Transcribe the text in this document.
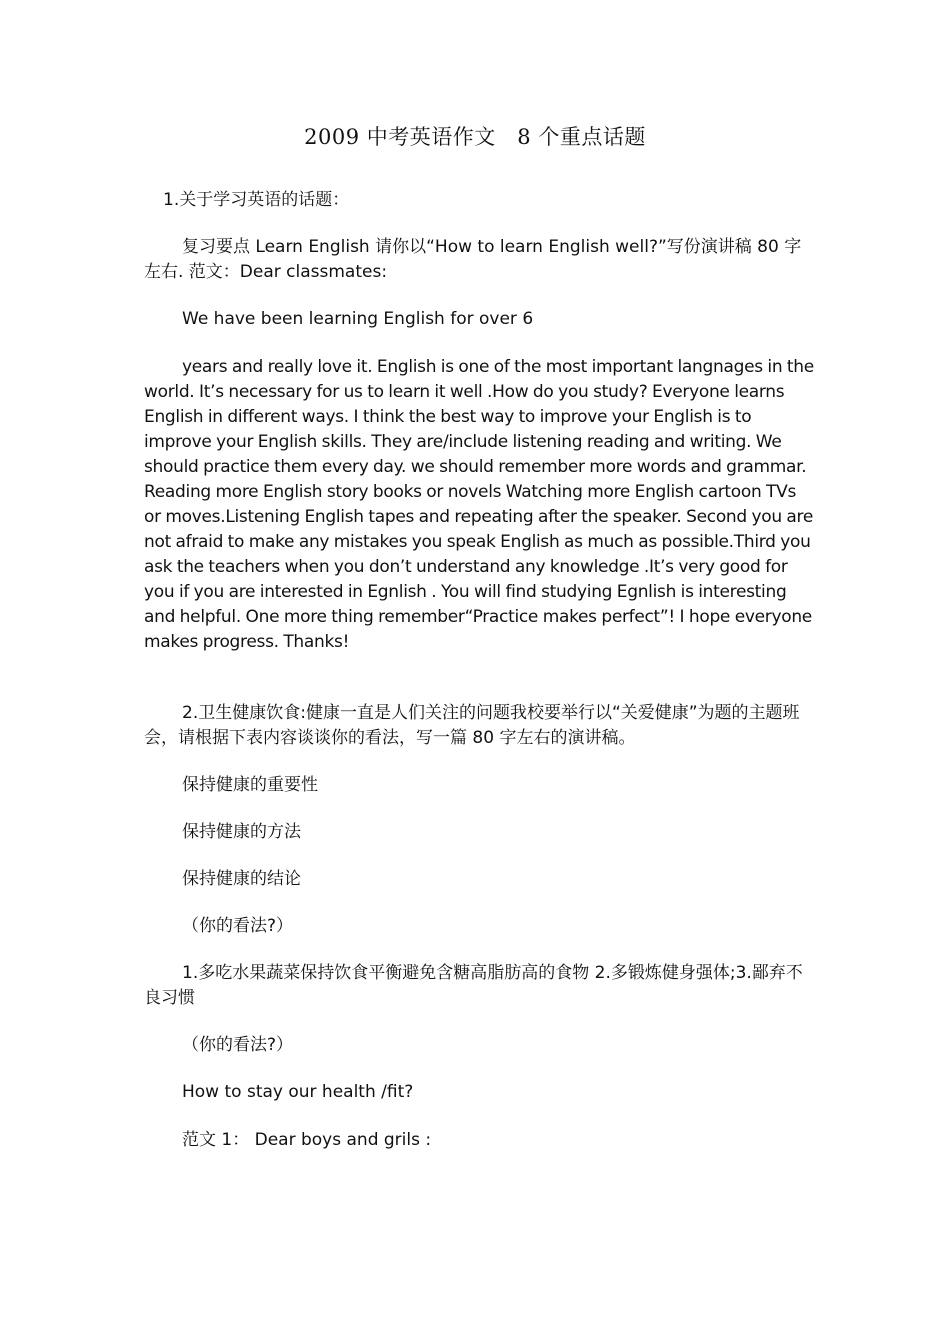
2009 中考英语作文　8 个重点话题

1.关于学习英语的话题：

复习要点 Learn English 请你以“How to learn English well?”写份演讲稿 80 字左右. 范文：Dear classmates:

We have been learning English for over 6

years and really love it. English is one of the most important langnages in the world. It’s necessary for us to learn it well .How do you study? Everyone learns English in different ways. I think the best way to improve your English is to improve your English skills. They are/include listening reading and writing. We should practice them every day. we should remember more words and grammar. Reading more English story books or novels Watching more English cartoon TVs or moves.Listening English tapes and repeating after the speaker. Second you are not afraid to make any mistakes you speak English as much as possible.Third you ask the teachers when you don’t understand any knowledge .It’s very good for you if you are interested in Egnlish . You will find studying Egnlish is interesting and helpful. One more thing remember“Practice makes perfect”! I hope everyone makes progress. Thanks!

2.卫生健康饮食:健康一直是人们关注的问题我校要举行以“关爱健康”为题的主题班会，请根据下表内容谈谈你的看法，写一篇 80 字左右的演讲稿。

保持健康的重要性

保持健康的方法

保持健康的结论

（你的看法?）

1.多吃水果蔬菜保持饮食平衡避免含糖高脂肪高的食物 2.多锻炼健身强体;3.鄙弃不良习惯

（你的看法?）

How to stay our health /fit?

范文 1： Dear boys and grils :
